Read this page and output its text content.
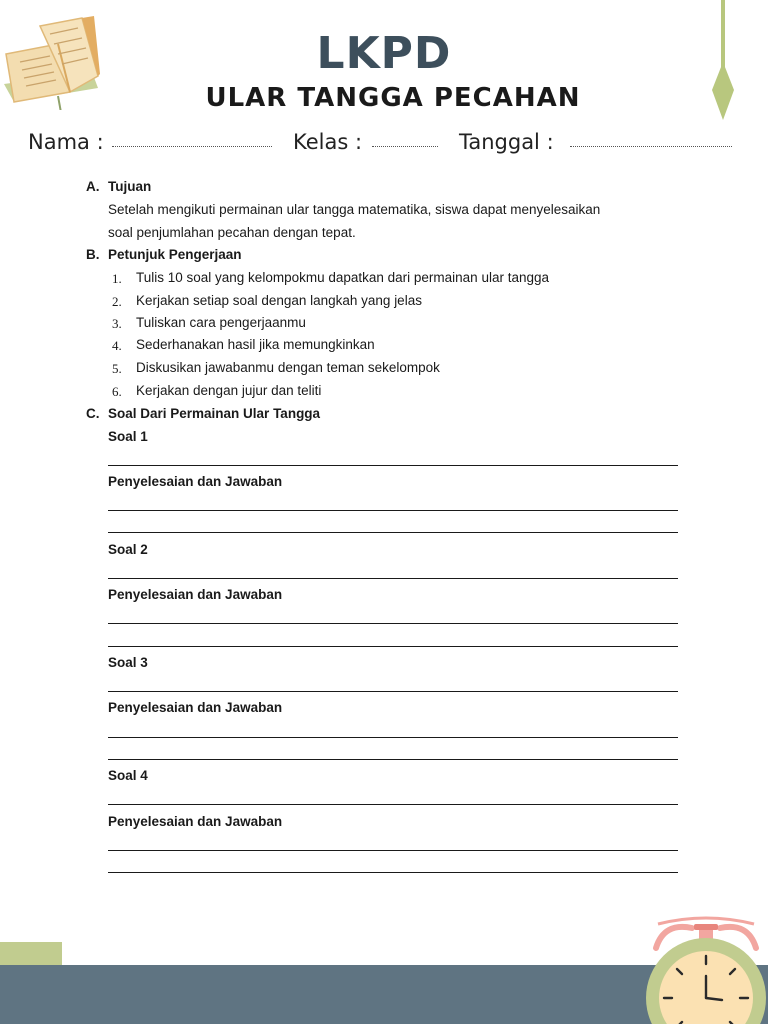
LKPD
ULAR TANGGA PECAHAN
Nama :	Kelas :	Tanggal :
A. Tujuan
Setelah mengikuti permainan ular tangga matematika, siswa dapat menyelesaikan
soal penjumlahan pecahan dengan tepat.
B. Petunjuk Pengerjaan
1. Tulis 10 soal yang kelompokmu dapatkan dari permainan ular tangga
2. Kerjakan setiap soal dengan langkah yang jelas
3. Tuliskan cara pengerjaanmu
4. Sederhanakan hasil jika memungkinkan
5. Diskusikan jawabanmu dengan teman sekelompok
6. Kerjakan dengan jujur dan teliti
C. Soal Dari Permainan Ular Tangga
Soal 1
Penyelesaian dan Jawaban
Soal 2
Penyelesaian dan Jawaban
Soal 3
Penyelesaian dan Jawaban
Soal 4
Penyelesaian dan Jawaban
